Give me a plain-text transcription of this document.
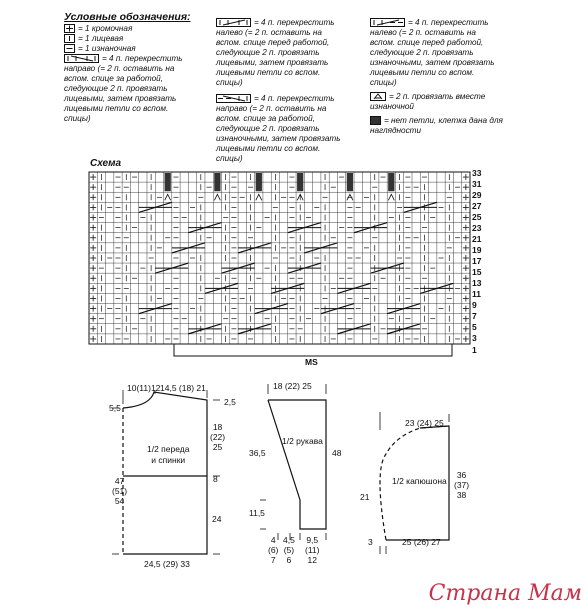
Условные обозначения:
= 1 кромочная
= 1 лицевая
= 1 изнаночная
= 4 п. перекрестить
направо (= 2 п. оставить на
вспом. спице за работой,
следующие 2 п. провязать
лицевыми, затем провязать
лицевыми петли со вспом.
спицы)
= 4 п. перекрестить
налево (= 2 п. оставить на
вспом. спице перед работой,
следующие 2 п. провязать
лицевыми, затем провязать
лицевыми петли со вспом.
спицы)
= 4 п. перекрестить
направо (= 2 п. оставить на
вспом. спице за работой,
следующие 2 п. провязать
изнаночными, затем провязать
лицевыми петли со вспом.
спицы)
= 4 п. перекрестить
налево (= 2 п. оставить на
вспом. спице перед работой,
следующие 2 п. провязать
изнаночными, затем провязать
лицевыми петли со вспом.
спицы)
= 2 п. провязать вместе
изнаночной
= нет петли, клетка дана для
наглядности
Схема
MS
33
31
29
27
25
23
21
19
17
15
13
11
9
7
5
3
1
10(11)12 14,5 (18) 21
5,5
2,5
18
(22)
25
47
(51)
54
8
24
24,5 (29) 33
1/2 переда
и спинки
18 (22) 25
1/2 рукава
36,5	48
11,5
4
(6)
7
4,5
(5)
6
9,5
(11)
12
23 (24) 25
1/2 капюшона
36
(37)
38
21
3	25 (26) 27
Страна Мам
